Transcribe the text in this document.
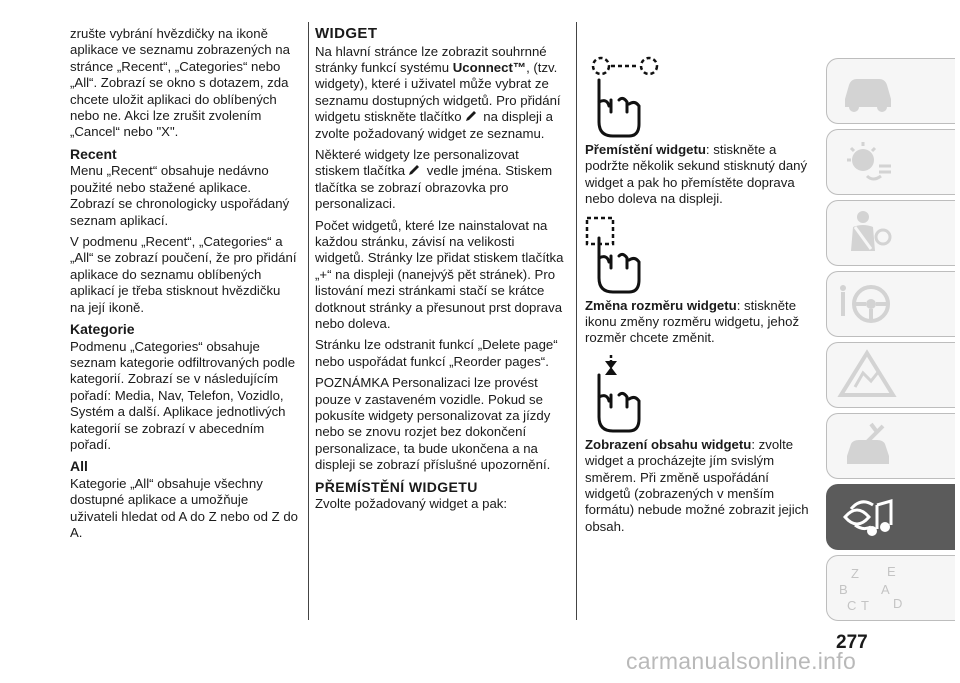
zrušte vybrání hvězdičky na ikoně aplikace ve seznamu zobrazených na stránce „Recent“, „Categories“ nebo „All“. Zobrazí se okno s dotazem, zda chcete uložit aplikaci do oblíbených nebo ne. Akci lze zrušit zvolením „Cancel“ nebo "X".

Recent

Menu „Recent“ obsahuje nedávno použité nebo stažené aplikace. Zobrazí se chronologicky uspořádaný seznam aplikací.

V podmenu „Recent“, „Categories“ a „All“ se zobrazí poučení, že pro přidání aplikace do seznamu oblíbených aplikací je třeba stisknout hvězdičku na její ikoně.

Kategorie

Podmenu „Categories“ obsahuje seznam kategorie odfiltrovaných podle kategorií. Zobrazí se v následujícím pořadí: Media, Nav, Telefon, Vozidlo, Systém a další. Aplikace jednotlivých kategorií se zobrazí v abecedním pořadí.

All

Kategorie „All“ obsahuje všechny dostupné aplikace a umožňuje uživateli hledat od A do Z nebo od Z do A.

WIDGET

Na hlavní stránce lze zobrazit souhrnné stránky funkcí systému Uconnect™, (tzv. widgety), které i uživatel může vybrat ze seznamu dostupných widgetů. Pro přidání widgetu stiskněte tlačítko na displeji a zvolte požadovaný widget ze seznamu.

Některé widgety lze personalizovat stiskem tlačítka vedle jména. Stiskem tlačítka se zobrazí obrazovka pro personalizaci.

Počet widgetů, které lze nainstalovat na každou stránku, závisí na velikosti widgetů. Stránky lze přidat stiskem tlačítka „+“ na displeji (nanejvýš pět stránek). Pro listování mezi stránkami stačí se krátce dotknout stránky a přesunout prst doprava nebo doleva.

Stránku lze odstranit funkcí „Delete page“ nebo uspořádat funkcí „Reorder pages“.

POZNÁMKA Personalizaci lze provést pouze v zastaveném vozidle. Pokud se pokusíte widgety personalizovat za jízdy nebo se znovu rozjet bez dokončení personalizace, ta bude ukončena a na displeji se zobrazí příslušné upozornění.

PŘEMÍSTĚNÍ WIDGETU

Zvolte požadovaný widget a pak:

Přemístění widgetu: stiskněte a podržte několik sekund stisknutý daný widget a pak ho přemístěte doprava nebo doleva na displeji.

Změna rozměru widgetu: stiskněte ikonu změny rozměru widgetu, jehož rozměr chcete změnit.

Zobrazení obsahu widgetu: zvolte widget a procházejte jím svislým směrem. Při změně uspořádání widgetů (zobrazených v menším formátu) nebude možné zobrazit jejich obsah.

Z E
B	A
C T D
277
carmanualsonline.info
